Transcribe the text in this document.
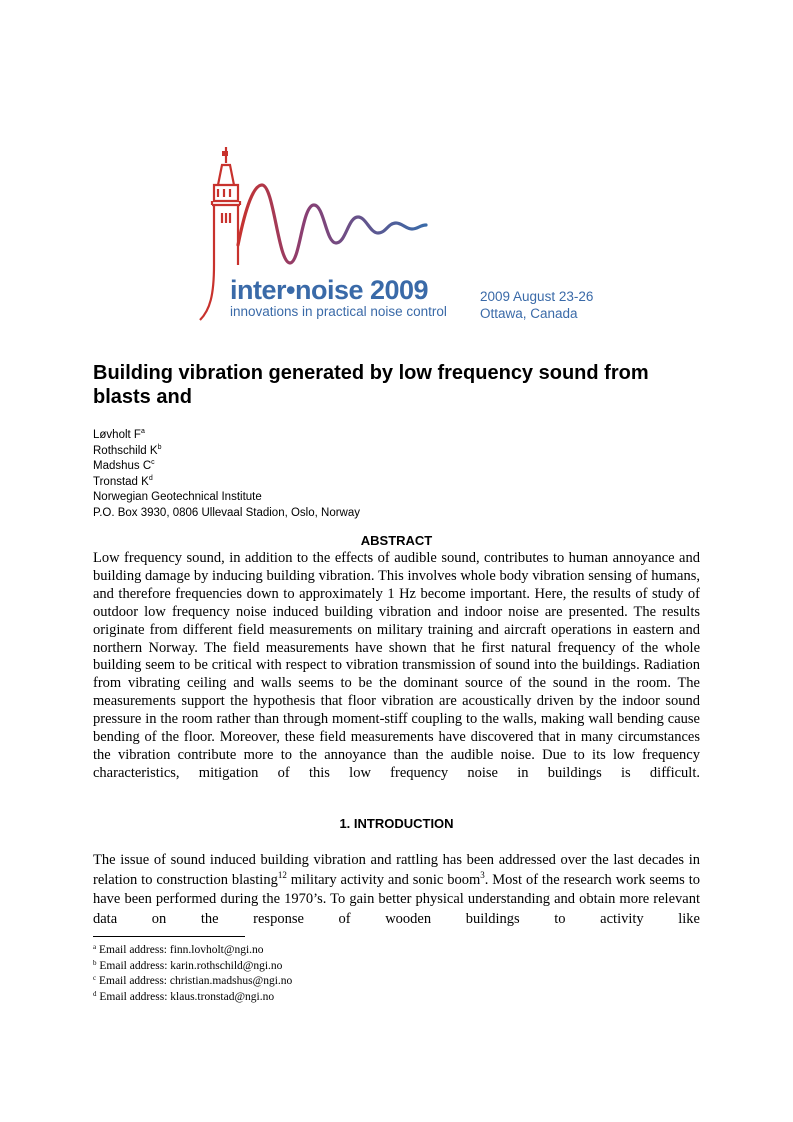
inter•noise 2009
innovations in practical noise control
2009 August 23-26
Ottawa, Canada
Building vibration generated by low frequency sound from blasts and
Løvholt $F^a$
Rothschild $K^b$
Madshus $C^c$
Tronstad $K^d$
Norwegian Geotechnical Institute
P.O. Box 3930, 0806 Ullevaal Stadion, Oslo, Norway
ABSTRACT

Low frequency sound, in addition to the effects of audible sound, contributes to human annoyance and building damage by inducing building vibration. This involves whole body vibration sensing of humans, and therefore frequencies down to approximately 1 Hz become important. Here, the results of study of outdoor low frequency noise induced building vibration and indoor noise are presented. The results originate from different field measurements on military training and aircraft operations in eastern and northern Norway. The field measurements have shown that he first natural frequency of the whole building seem to be critical with respect to vibration transmission of sound into the buildings. Radiation from vibrating ceiling and walls seems to be the dominant source of the sound in the room. The measurements support the hypothesis that floor vibration are acoustically driven by the indoor sound pressure in the room rather than through moment-stiff coupling to the walls, making wall bending cause bending of the floor. Moreover, these field measurements have discovered that in many circumstances the vibration contribute more to the annoyance than the audible noise. Due to its low frequency characteristics, mitigation of this low frequency noise in buildings is difficult.

1. INTRODUCTION

The issue of sound induced building vibration and rattling has been addressed over the last decades in relation to construction blasting$^{12}$ military activity and sonic boom$^3$. Most of the research work seems to have been performed during the 1970’s. To gain better physical understanding and obtain more relevant data on the response of wooden buildings to activity like

$^a$ Email address: finn.lovholt@ngi.no
$^b$ Email address: karin.rothschild@ngi.no
$^c$ Email address: christian.madshus@ngi.no
$^d$ Email address: klaus.tronstad@ngi.no
